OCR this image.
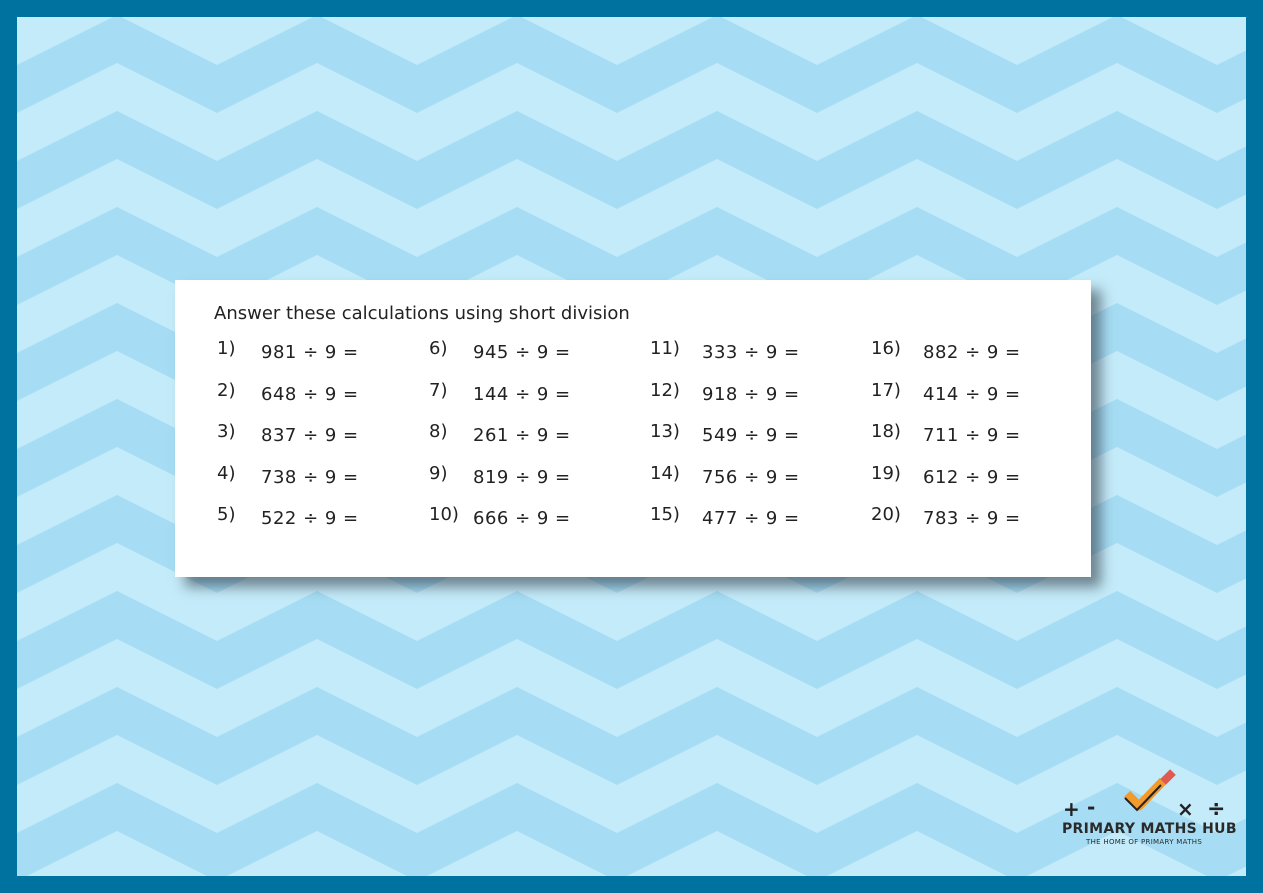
Answer these calculations using short division
1) 981 ÷ 9 =
2) 648 ÷ 9 =
3) 837 ÷ 9 =
4) 738 ÷ 9 =
5) 522 ÷ 9 =
6) 945 ÷ 9 =
7) 144 ÷ 9 =
8) 261 ÷ 9 =
9) 819 ÷ 9 =
10) 666 ÷ 9 =
11) 333 ÷ 9 =
12) 918 ÷ 9 =
13) 549 ÷ 9 =
14) 756 ÷ 9 =
15) 477 ÷ 9 =
16) 882 ÷ 9 =
17) 414 ÷ 9 =
18) 711 ÷ 9 =
19) 612 ÷ 9 =
20) 783 ÷ 9 =
+ -	× ÷
PRIMARY MATHS HUB
THE HOME OF PRIMARY MATHS
